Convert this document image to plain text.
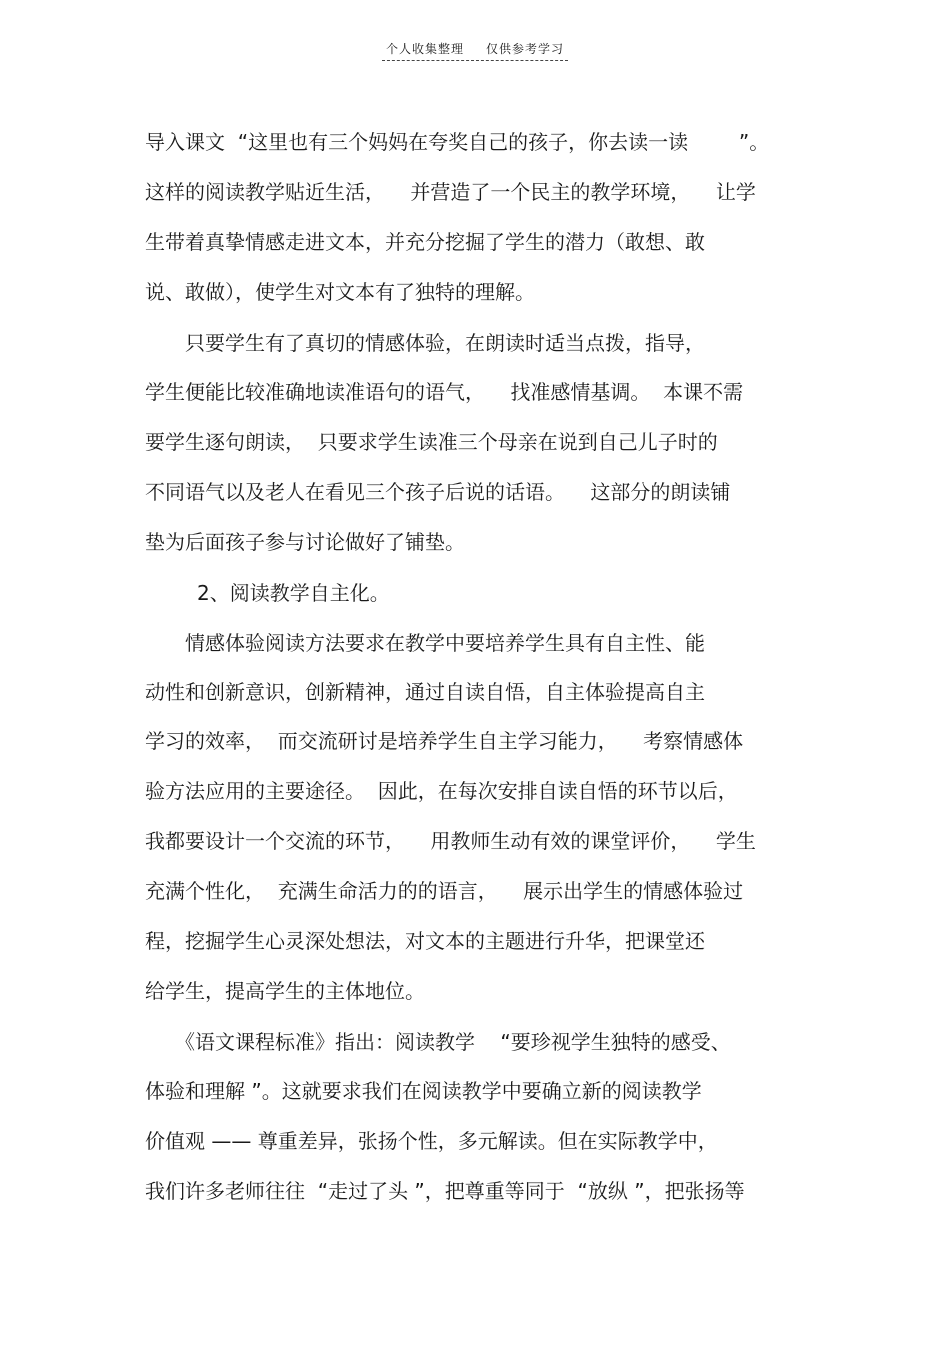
个人收集整理 仅供参考学习
导入课文  “这里也有三个妈妈在夸奖自己的孩子，你去读一读        ”。
这样的阅读教学贴近生活，    并营造了一个民主的教学环境，    让学
生带着真挚情感走进文本，并充分挖掘了学生的潜力（敢想、敢
说、敢做），使学生对文本有了独特的理解。
只要学生有了真切的情感体验，在朗读时适当点拨，指导，
学生便能比较准确地读准语句的语气，    找准感情基调。  本课不需
要学生逐句朗读，  只要求学生读准三个母亲在说到自己儿子时的
不同语气以及老人在看见三个孩子后说的话语。    这部分的朗读铺
垫为后面孩子参与讨论做好了铺垫。
2、阅读教学自主化。
情感体验阅读方法要求在教学中要培养学生具有自主性、能
动性和创新意识，创新精神，通过自读自悟，自主体验提高自主
学习的效率，  而交流研讨是培养学生自主学习能力，    考察情感体
验方法应用的主要途径。  因此，在每次安排自读自悟的环节以后，
我都要设计一个交流的环节，    用教师生动有效的课堂评价，    学生
充满个性化，  充满生命活力的的语言，    展示出学生的情感体验过
程，挖掘学生心灵深处想法，对文本的主题进行升华，把课堂还
给学生，提高学生的主体地位。
《语文课程标准》指出：阅读教学    “要珍视学生独特的感受、
体验和理解 ”。这就要求我们在阅读教学中要确立新的阅读教学
价值观 —— 尊重差异，张扬个性，多元解读。但在实际教学中，
我们许多老师往往  “走过了头 ”，把尊重等同于  “放纵 ”，把张扬等
